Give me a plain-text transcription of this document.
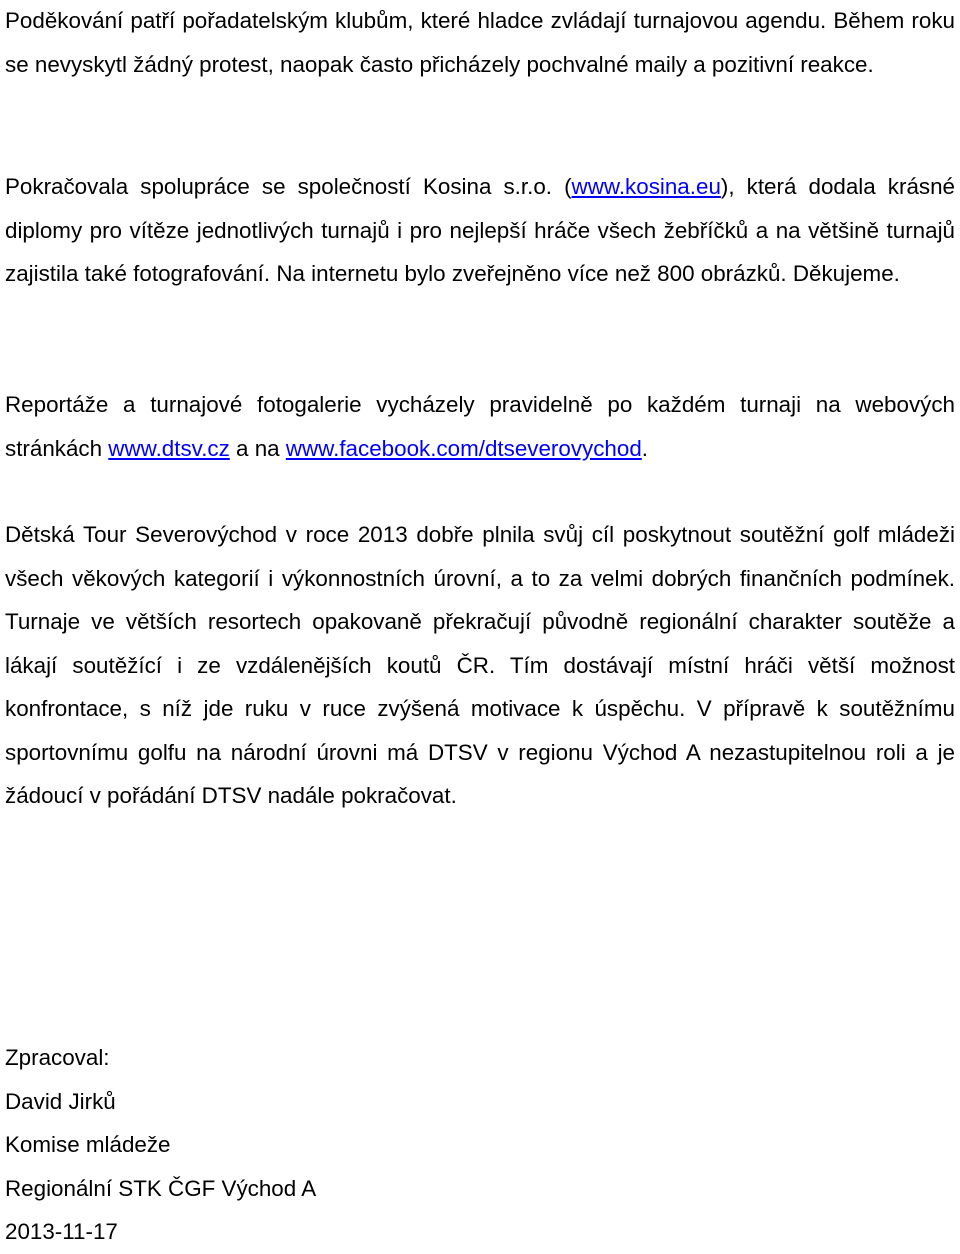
Poděkování patří pořadatelským klubům, které hladce zvládají turnajovou agendu. Během roku se nevyskytl žádný protest, naopak často přicházely pochvalné maily a pozitivní reakce.

Pokračovala spolupráce se společností Kosina s.r.o. (www.kosina.eu), která dodala krásné diplomy pro vítěze jednotlivých turnajů i pro nejlepší hráče všech žebříčků a na většině turnajů zajistila také fotografování. Na internetu bylo zveřejněno více než 800 obrázků. Děkujeme.

Reportáže a turnajové fotogalerie vycházely pravidelně po každém turnaji na webových stránkách www.dtsv.cz a na www.facebook.com/dtseverovychod.

Dětská Tour Severovýchod v roce 2013 dobře plnila svůj cíl poskytnout soutěžní golf mládeži všech věkových kategorií i výkonnostních úrovní, a to za velmi dobrých finančních podmínek. Turnaje ve větších resortech opakovaně překračují původně regionální charakter soutěže a lákají soutěžící i ze vzdálenějších koutů ČR. Tím dostávají místní hráči větší možnost konfrontace, s níž jde ruku v ruce zvýšená motivace k úspěchu. V přípravě k soutěžnímu sportovnímu golfu na národní úrovni má DTSV v regionu Východ A nezastupitelnou roli a je žádoucí v pořádání DTSV nadále pokračovat.

Zpracoval:
David Jirků
Komise mládeže
Regionální STK ČGF Východ A
2013-11-17
